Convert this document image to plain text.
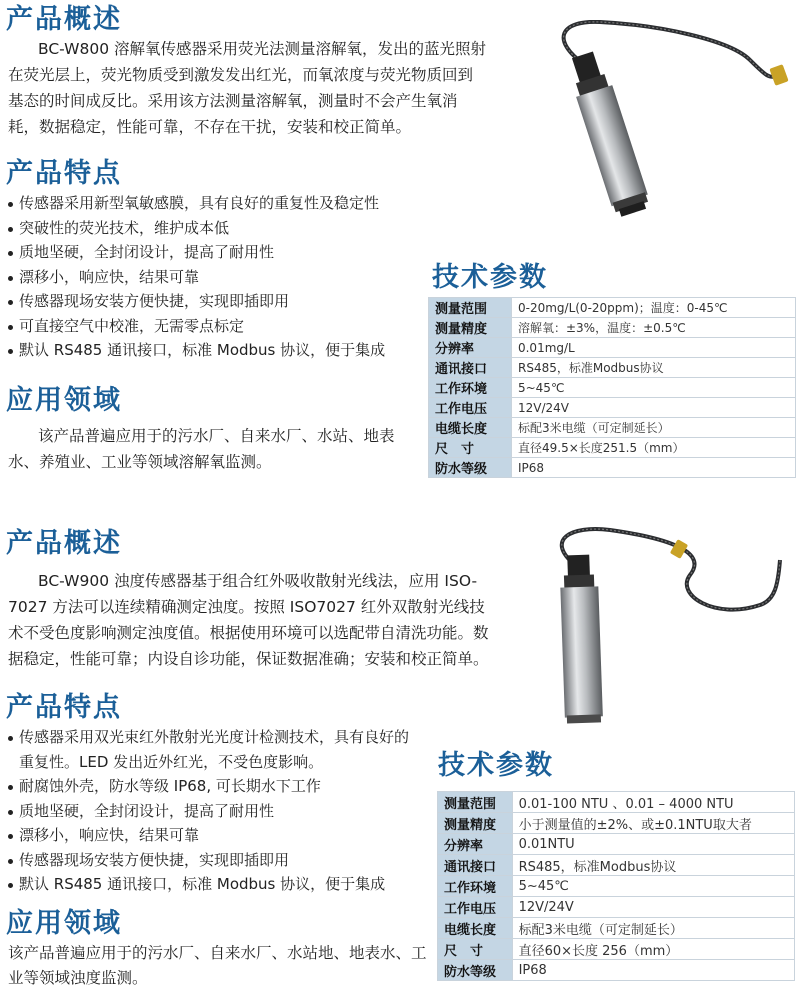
产品概述
BC-W800 溶解氧传感器采用荧光法测量溶解氧，发出的蓝光照射在荧光层上，荧光物质受到激发发出红光，而氧浓度与荧光物质回到基态的时间成反比。采用该方法测量溶解氧，测量时不会产生氧消耗，数据稳定，性能可靠，不存在干扰，安装和校正简单。
产品特点
传感器采用新型氧敏感膜，具有良好的重复性及稳定性
突破性的荧光技术，维护成本低
质地坚硬，全封闭设计，提高了耐用性
漂移小，响应快，结果可靠
传感器现场安装方便快捷，实现即插即用
可直接空气中校准，无需零点标定
默认 RS485 通讯接口，标准 Modbus 协议，便于集成
应用领域
该产品普遍应用于的污水厂、自来水厂、水站、地表水、养殖业、工业等领域溶解氧监测。
技术参数
测量范围	0-20mg/L(0-20ppm)；温度：0-45℃
测量精度	溶解氧：±3%，温度：±0.5℃
分辨率	0.01mg/L
通讯接口	RS485，标准Modbus协议
工作环境	5~45℃
工作电压	12V/24V
电缆长度	标配3米电缆（可定制延长）
尺　寸	直径49.5×长度251.5（mm）
防水等级	IP68
产品概述
BC-W900 浊度传感器基于组合红外吸收散射光线法，应用 ISO-7027 方法可以连续精确测定浊度。按照 ISO7027 红外双散射光线技术不受色度影响测定浊度值。根据使用环境可以选配带自清洗功能。数据稳定，性能可靠；内设自诊功能，保证数据准确；安装和校正简单。
产品特点
传感器采用双光束红外散射光光度计检测技术，具有良好的重复性。LED 发出近外红光，不受色度影响。
耐腐蚀外壳，防水等级 IP68, 可长期水下工作
质地坚硬，全封闭设计，提高了耐用性
漂移小，响应快，结果可靠
传感器现场安装方便快捷，实现即插即用
默认 RS485 通讯接口，标准 Modbus 协议，便于集成
应用领域
该产品普遍应用于的污水厂、自来水厂、水站地、地表水、工业等领域浊度监测。
技术参数
测量范围	0.01-100 NTU 、0.01 – 4000 NTU
测量精度	小于测量值的±2%、或±0.1NTU取大者
分辨率	0.01NTU
通讯接口	RS485，标准Modbus协议
工作环境	5~45℃
工作电压	12V/24V
电缆长度	标配3米电缆（可定制延长）
尺　寸	直径60×长度 256（mm）
防水等级	IP68
